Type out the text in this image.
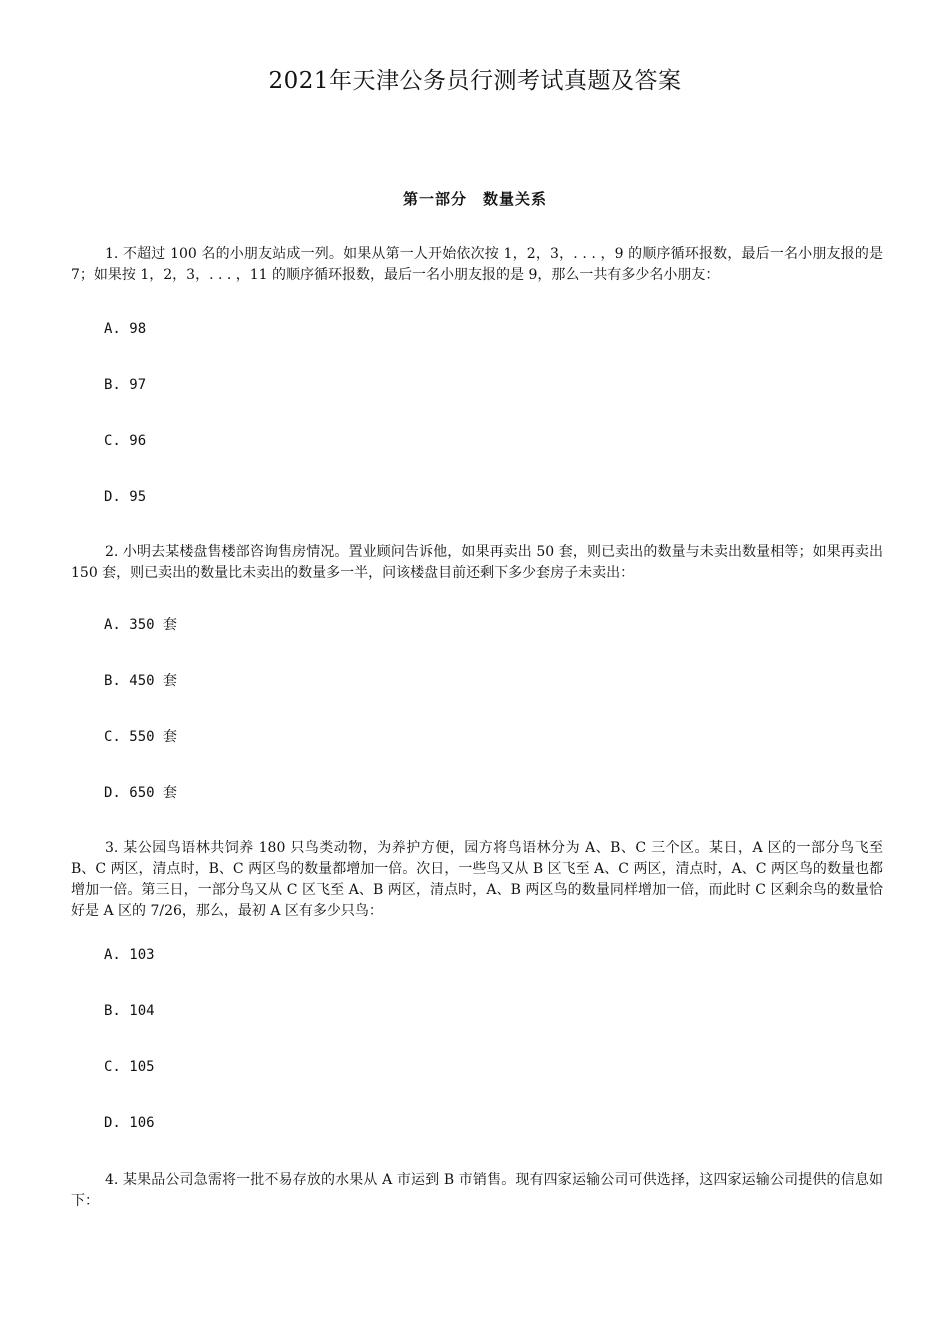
2021年天津公务员行测考试真题及答案
第一部分　数量关系
1. 不超过 100 名的小朋友站成一列。如果从第一人开始依次按 1，2，3，. . . ，9 的顺序循环报数，最后一名小朋友报的是 7；如果按 1，2，3，. . . ，11 的顺序循环报数，最后一名小朋友报的是 9，那么一共有多少名小朋友：
A. 98
B. 97
C. 96
D. 95
2. 小明去某楼盘售楼部咨询售房情况。置业顾问告诉他，如果再卖出 50 套，则已卖出的数量与未卖出数量相等；如果再卖出 150 套，则已卖出的数量比未卖出的数量多一半，问该楼盘目前还剩下多少套房子未卖出：
A. 350 套
B. 450 套
C. 550 套
D. 650 套
3. 某公园鸟语林共饲养 180 只鸟类动物，为养护方便，园方将鸟语林分为 A、B、C 三个区。某日，A 区的一部分鸟飞至 B、C 两区，清点时，B、C 两区鸟的数量都增加一倍。次日，一些鸟又从 B 区飞至 A、C 两区，清点时，A、C 两区鸟的数量也都增加一倍。第三日，一部分鸟又从 C 区飞至 A、B 两区，清点时，A、B 两区鸟的数量同样增加一倍，而此时 C 区剩余鸟的数量恰好是 A 区的 7/26，那么，最初 A 区有多少只鸟：
A. 103
B. 104
C. 105
D. 106
4. 某果品公司急需将一批不易存放的水果从 A 市运到 B 市销售。现有四家运输公司可供选择，这四家运输公司提供的信息如下：
